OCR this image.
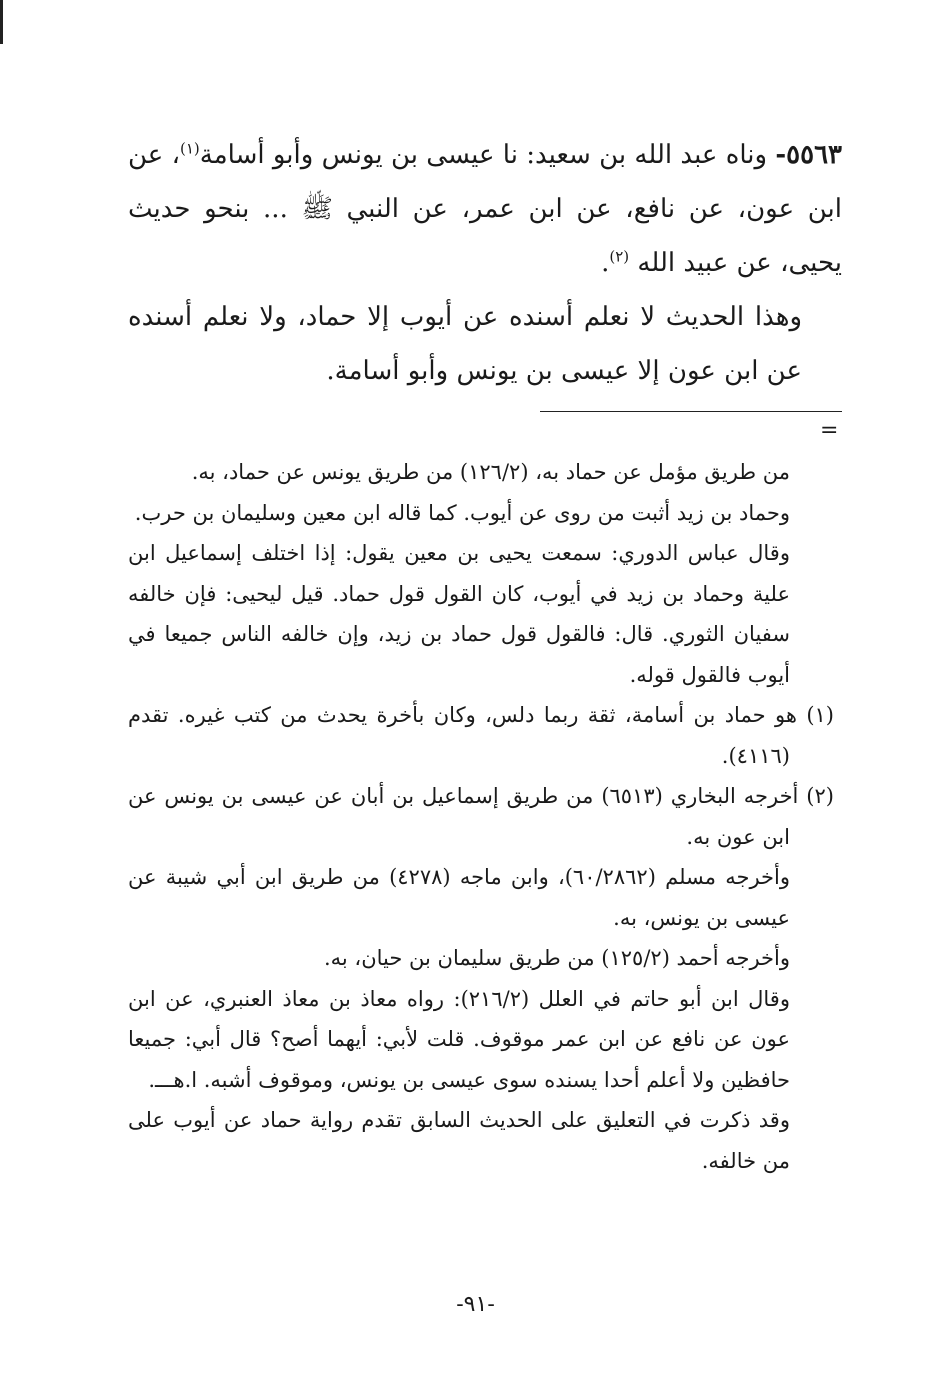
٥٥٦٣- وناه عبد الله بن سعيد: نا عيسى بن يونس وأبو أسامة$^{(١)}$، عن ابن عون، عن نافع، عن ابن عمر، عن النبي ﷺ ... بنحو حديث يحيى، عن عبيد الله $^{(٢)}$.

وهذا الحديث لا نعلم أسنده عن أيوب إلا حماد، ولا نعلم أسنده عن ابن عون إلا عيسى بن يونس وأبو أسامة.

=

من طريق مؤمل عن حماد به، (١٢٦/٢) من طريق يونس عن حماد، به.

وحماد بن زيد أثبت من روى عن أيوب. كما قاله ابن معين وسليمان بن حرب.

وقال عباس الدوري: سمعت يحيى بن معين يقول: إذا اختلف إسماعيل ابن علية وحماد بن زيد في أيوب، كان القول قول حماد. قيل ليحيى: فإن خالفه سفيان الثوري. قال: فالقول قول حماد بن زيد، وإن خالفه الناس جميعا في أيوب فالقول قوله.

(١) هو حماد بن أسامة، ثقة ربما دلس، وكان بأخرة يحدث من كتب غيره. تقدم (٤١١٦).

(٢) أخرجه البخاري (٦٥١٣) من طريق إسماعيل بن أبان عن عيسى بن يونس عن ابن عون به.

وأخرجه مسلم (٦٠/٢٨٦٢)، وابن ماجه (٤٢٧٨) من طريق ابن أبي شيبة عن عيسى بن يونس، به.

وأخرجه أحمد (١٢٥/٢) من طريق سليمان بن حيان، به.

وقال ابن أبو حاتم في العلل (٢١٦/٢): رواه معاذ بن معاذ العنبري، عن ابن عون عن نافع عن ابن عمر موقوف. قلت لأبي: أيهما أصح؟ قال أبي: جميعا حافظين ولا أعلم أحدا يسنده سوى عيسى بن يونس، وموقوف أشبه. ا.هـــ.

وقد ذكرت في التعليق على الحديث السابق تقدم رواية حماد عن أيوب على من خالفه.

-٩١-
